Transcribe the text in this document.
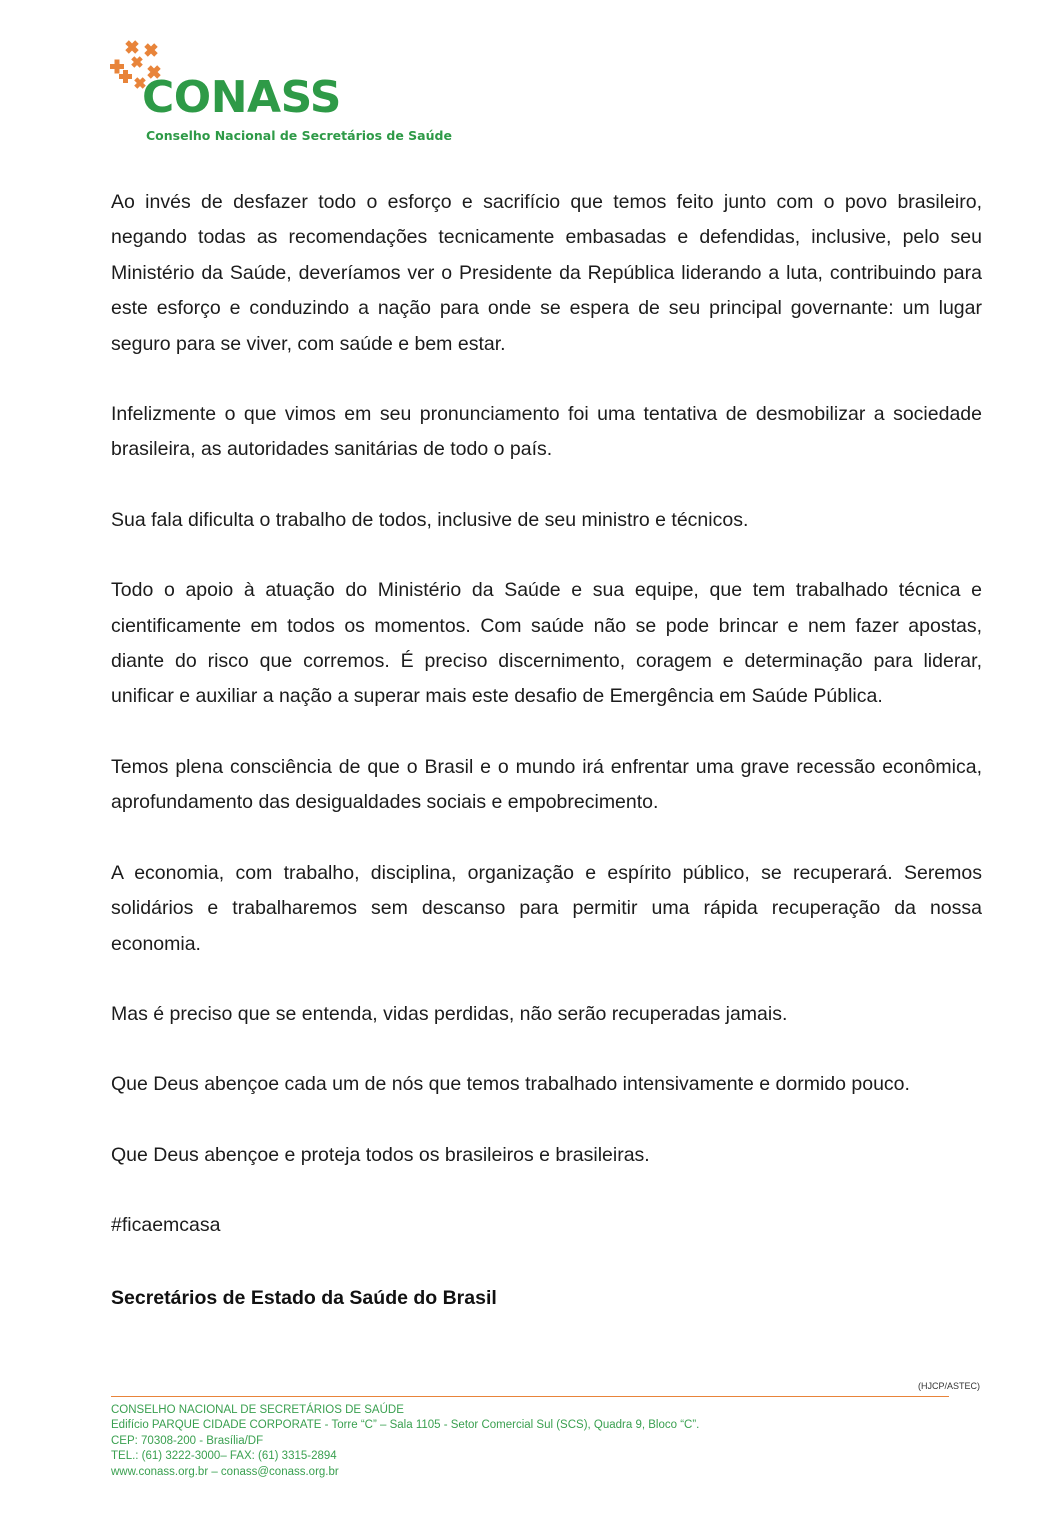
CONASS
Conselho Nacional de Secretários de Saúde

Ao invés de desfazer todo o esforço e sacrifício que temos feito junto com o povo brasileiro, negando todas as recomendações tecnicamente embasadas e defendidas, inclusive, pelo seu Ministério da Saúde, deveríamos ver o Presidente da República liderando a luta, contribuindo para este esforço e conduzindo a nação para onde se espera de seu principal governante: um lugar seguro para se viver, com saúde e bem estar.

Infelizmente o que vimos em seu pronunciamento foi uma tentativa de desmobilizar a sociedade brasileira, as autoridades sanitárias de todo o país.

Sua fala dificulta o trabalho de todos, inclusive de seu ministro e técnicos.

Todo o apoio à atuação do Ministério da Saúde e sua equipe, que tem trabalhado técnica e cientificamente em todos os momentos. Com saúde não se pode brincar e nem fazer apostas, diante do risco que corremos. É preciso discernimento, coragem e determinação para liderar, unificar e auxiliar a nação a superar mais este desafio de Emergência em Saúde Pública.

Temos plena consciência de que o Brasil e o mundo irá enfrentar uma grave recessão econômica, aprofundamento das desigualdades sociais e empobrecimento.

A economia, com trabalho, disciplina, organização e espírito público, se recuperará. Seremos solidários e trabalharemos sem descanso para permitir uma rápida recuperação da nossa economia.

Mas é preciso que se entenda, vidas perdidas, não serão recuperadas jamais.

Que Deus abençoe cada um de nós que temos trabalhado intensivamente e dormido pouco.

Que Deus abençoe e proteja todos os brasileiros e brasileiras.

#ficaemcasa

Secretários de Estado da Saúde do Brasil
(HJCP/ASTEC)
CONSELHO NACIONAL DE SECRETÁRIOS DE SAÚDE
Edifício PARQUE CIDADE CORPORATE - Torre “C” – Sala 1105 - Setor Comercial Sul (SCS), Quadra 9, Bloco “C”.
CEP: 70308-200 - Brasília/DF
TEL.: (61) 3222-3000– FAX: (61) 3315-2894
www.conass.org.br – conass@conass.org.br
